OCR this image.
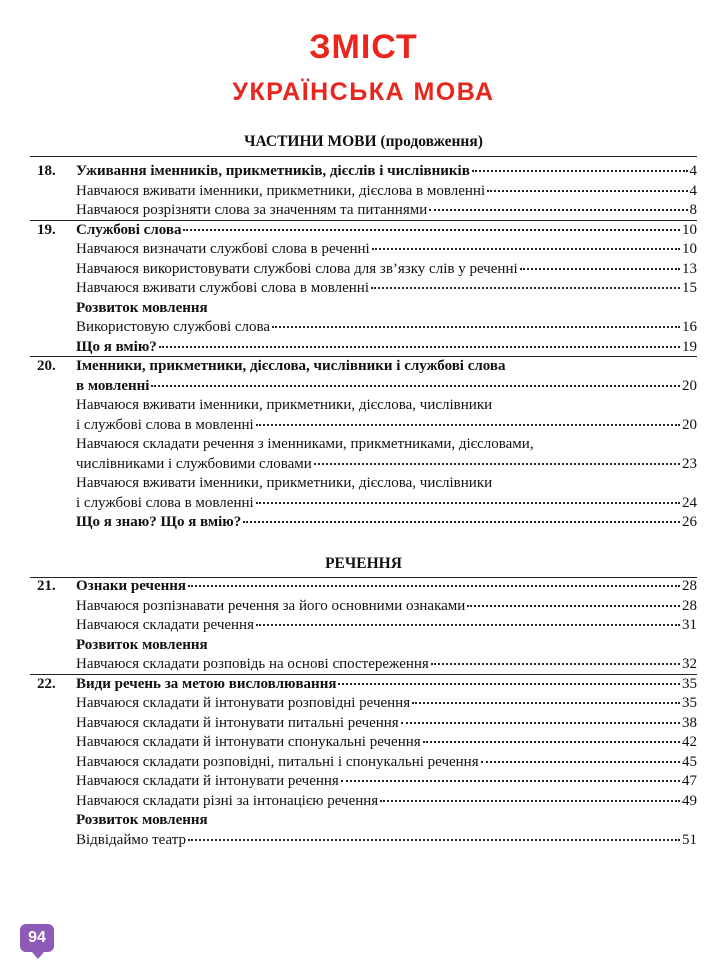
ЗМІСТ
УКРАЇНСЬКА МОВА
ЧАСТИНИ МОВИ (продовження)
18. Уживання іменників, прикметників, дієслів і числівників	4
Навчаюся вживати іменники, прикметники, дієслова в мовленні	4
Навчаюся розрізняти слова за значенням та питаннями	8
19. Службові слова	10
Навчаюся визначати службові слова в реченні	10
Навчаюся використовувати службові слова для зв’язку слів у реченні	13
Навчаюся вживати службові слова в мовленні	15
Розвиток мовлення
Використовую службові слова	16
Що я вмію?	19
20. Іменники, прикметники, дієслова, числівники і службові слова
в мовленні	20
Навчаюся вживати іменники, прикметники, дієслова, числівники
і службові слова в мовленні	20
Навчаюся складати речення з іменниками, прикметниками, дієсловами,
числівниками і службовими словами	23
Навчаюся вживати іменники, прикметники, дієслова, числівники
і службові слова в мовленні	24
Що я знаю? Що я вмію?	26
РЕЧЕННЯ
21. Ознаки речення	28
Навчаюся розпізнавати речення за його основними ознаками	28
Навчаюся складати речення	31
Розвиток мовлення
Навчаюся складати розповідь на основі спостереження	32
22. Види речень за метою висловлювання	35
Навчаюся складати й інтонувати розповідні речення	35
Навчаюся складати й інтонувати питальні речення	38
Навчаюся складати й інтонувати спонукальні речення	42
Навчаюся складати розповідні, питальні і спонукальні речення	45
Навчаюся складати й інтонувати речення	47
Навчаюся складати різні за інтонацією речення	49
Розвиток мовлення
Відвідаймо театр	51
94
